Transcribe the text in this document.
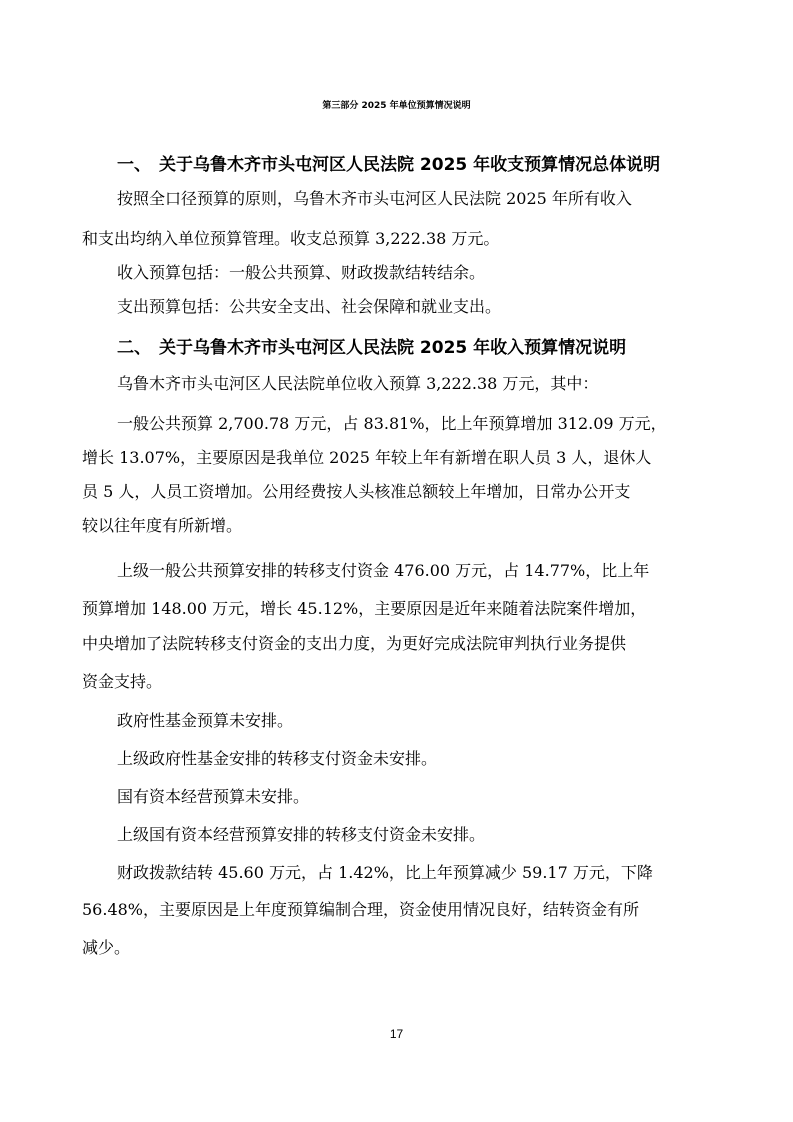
第三部分 2025 年单位预算情况说明
一、 关于乌鲁木齐市头屯河区人民法院 2025 年收支预算情况总体说明
按照全口径预算的原则，乌鲁木齐市头屯河区人民法院 2025 年所有收入
和支出均纳入单位预算管理。收支总预算 3,222.38 万元。
收入预算包括：一般公共预算、财政拨款结转结余。
支出预算包括：公共安全支出、社会保障和就业支出。
二、 关于乌鲁木齐市头屯河区人民法院 2025 年收入预算情况说明
乌鲁木齐市头屯河区人民法院单位收入预算 3,222.38 万元，其中：
一般公共预算 2,700.78 万元，占 83.81%，比上年预算增加 312.09 万元，
增长 13.07%，主要原因是我单位 2025 年较上年有新增在职人员 3 人，退休人
员 5 人，人员工资增加。公用经费按人头核准总额较上年增加，日常办公开支
较以往年度有所新增。
上级一般公共预算安排的转移支付资金 476.00 万元，占 14.77%，比上年
预算增加 148.00 万元，增长 45.12%，主要原因是近年来随着法院案件增加，
中央增加了法院转移支付资金的支出力度，为更好完成法院审判执行业务提供
资金支持。
政府性基金预算未安排。
上级政府性基金安排的转移支付资金未安排。
国有资本经营预算未安排。
上级国有资本经营预算安排的转移支付资金未安排。
财政拨款结转 45.60 万元，占 1.42%，比上年预算减少 59.17 万元，下降
56.48%，主要原因是上年度预算编制合理，资金使用情况良好，结转资金有所
减少。
17
